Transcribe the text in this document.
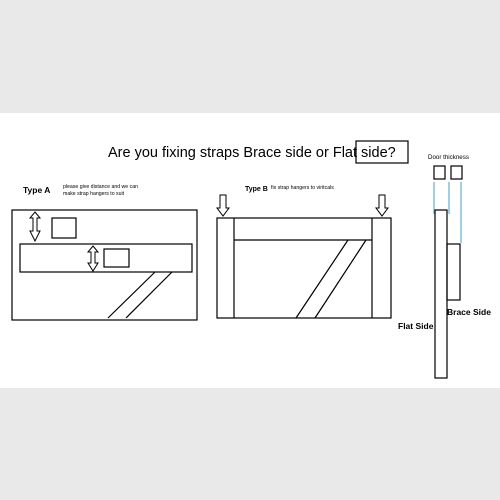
Are you fixing straps Brace side or Flat side?
Type A please give distance and we can
make strap hangers to suit
Type B fix strap hangers to viritcals
Door thickness
Flat Side
Brace Side
